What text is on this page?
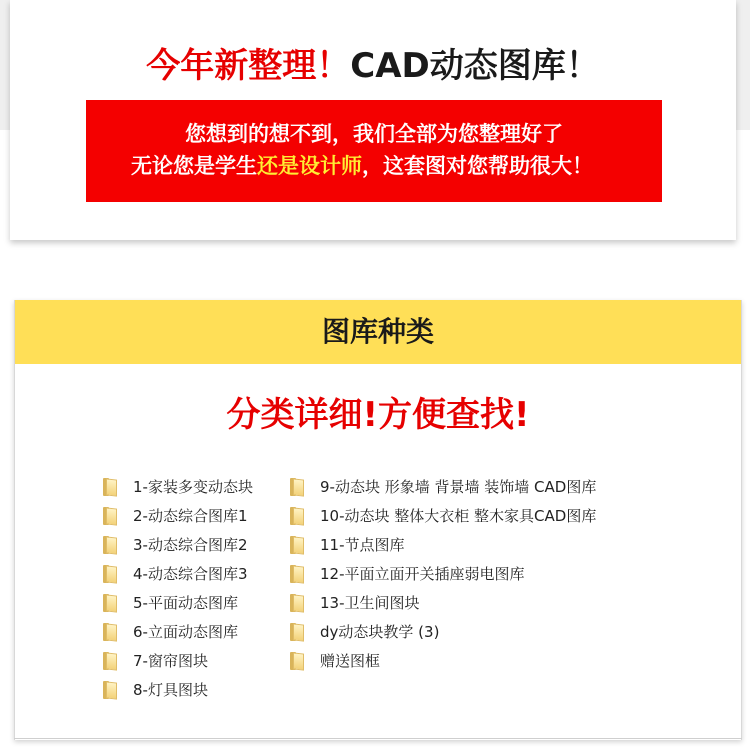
今年新整理！CAD动态图库！
您想到的想不到，我们全部为您整理好了
无论您是学生还是设计师，这套图对您帮助很大！
图库种类
分类详细!方便查找!
1-家装多变动态块
2-动态综合图库1
3-动态综合图库2
4-动态综合图库3
5-平面动态图库
6-立面动态图库
7-窗帘图块
8-灯具图块
9-动态块 形象墙 背景墙 装饰墙 CAD图库
10-动态块 整体大衣柜 整木家具CAD图库
11-节点图库
12-平面立面开关插座弱电图库
13-卫生间图块
dy动态块教学 (3)
赠送图框
